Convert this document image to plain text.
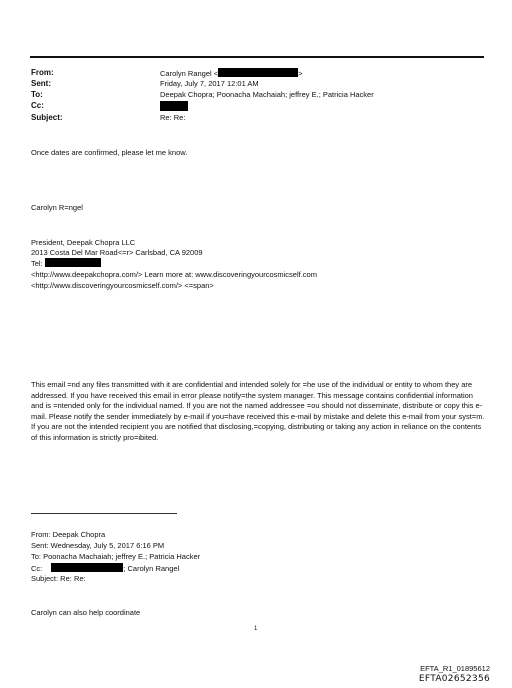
From:
Sent:
To:
Cc:
Subject:
Carolyn Rangel <	>
Friday, July 7, 2017 12:01 AM
Deepak Chopra; Poonacha Machaiah; jeffrey E.; Patricia Hacker
Re: Re:
Once dates are confirmed, please let me know.
Carolyn R=ngel
President, Deepak Chopra LLC
2013 Costa Del Mar Road<=r> Carlsbad, CA 92009
Tel:
<http://www.deepakchopra.com/> Learn more at: www.discoveringyourcosmicself.com
<http://www.discoveringyourcosmicself.com/> <=span>
This email =nd any files transmitted with it are confidential and intended solely for =he use of the individual or entity to whom they are addressed. If you have received this email in error please notify=the system manager. This message contains confidential information and is =ntended only for the individual named. If you are not the named addressee =ou should not disseminate, distribute or copy this e-mail. Please notify the sender immediately by e-mail if you=have received this e-mail by mistake and delete this e-mail from your syst=m. If you are not the intended recipient you are notified that disclosing,=copying, distributing or taking any action in reliance on the contents of this information is strictly pro=ibited.
From: Deepak Chopra
Sent: Wednesday, July 5, 2017 6:16 PM
To: Poonacha Machaiah; jeffrey E.; Patricia Hacker
Cc:	; Carolyn Rangel
Subject: Re: Re:
Carolyn can also help coordinate
1
EFTA_R1_01895612
EFTA02652356
